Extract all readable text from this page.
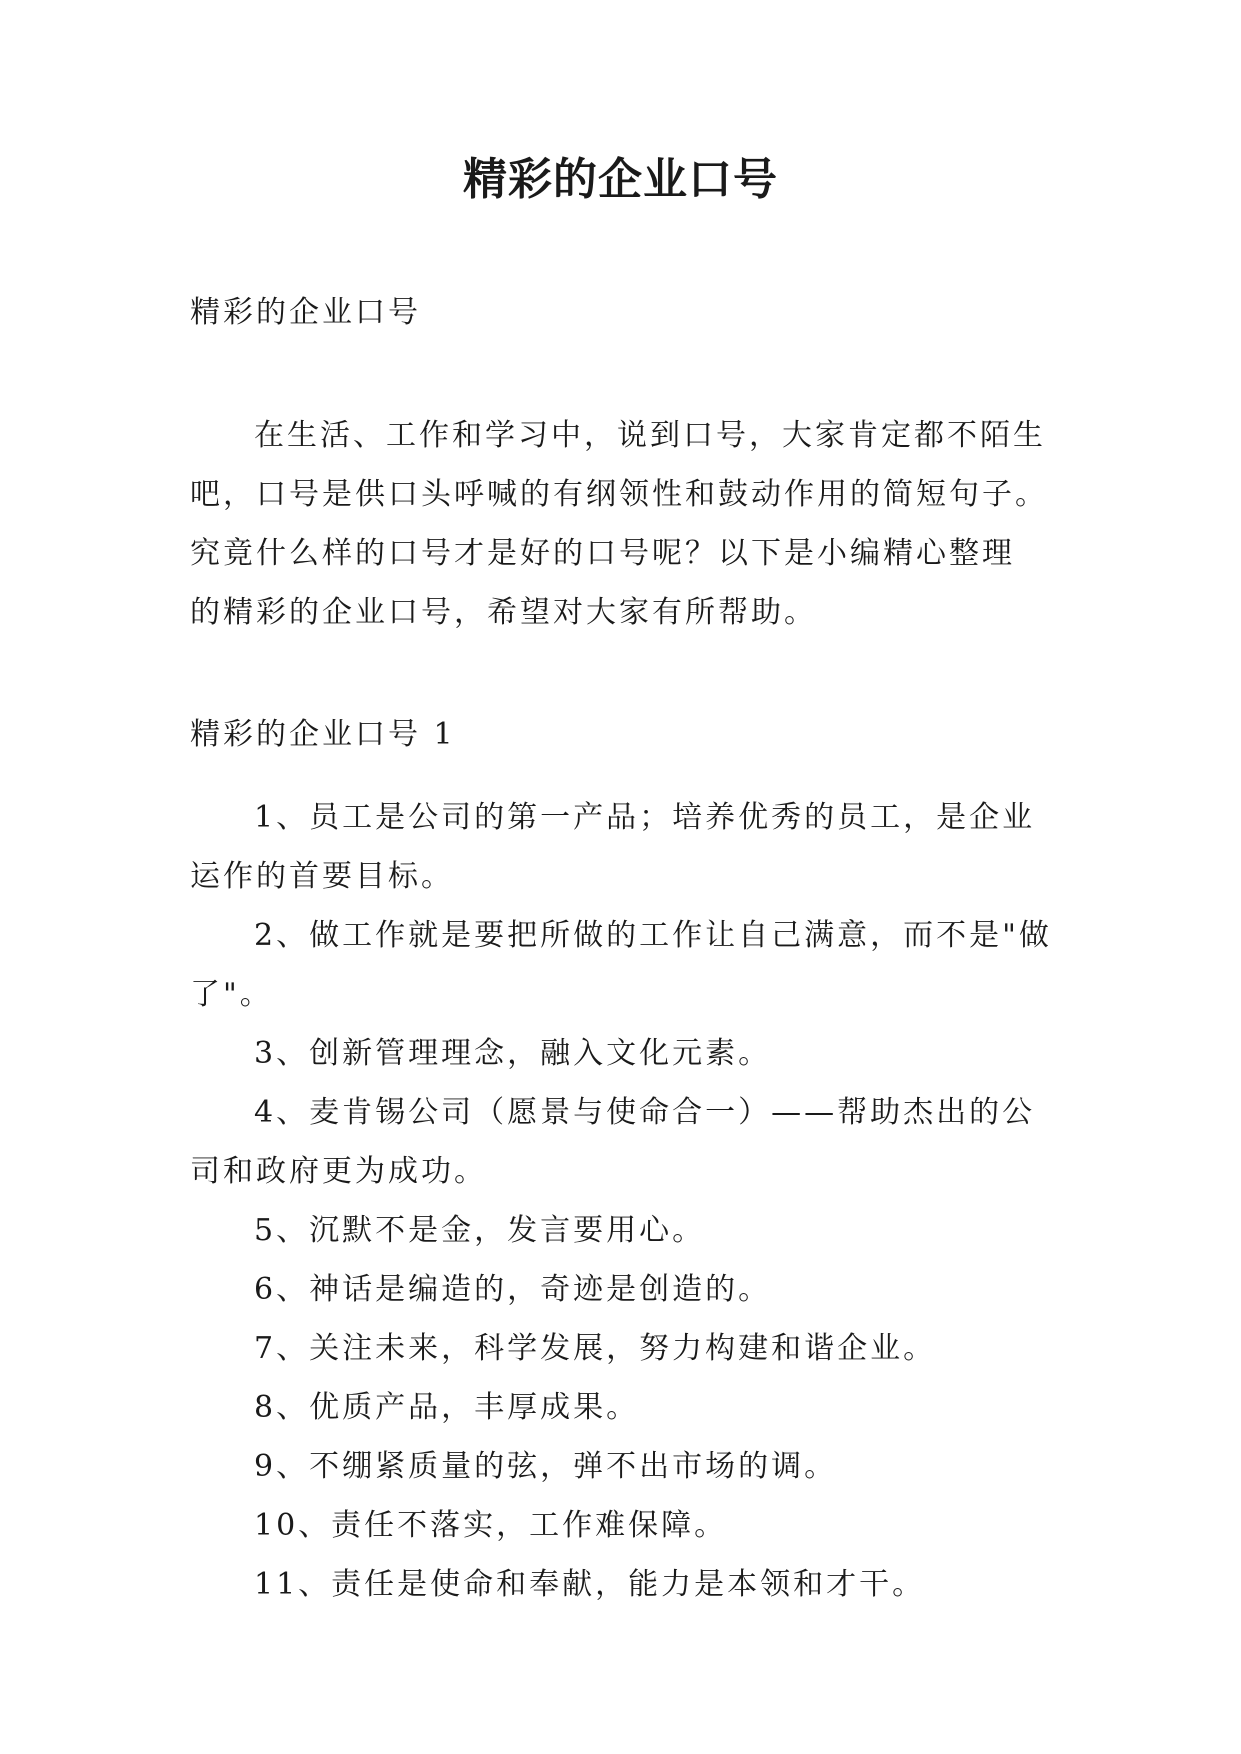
精彩的企业口号

精彩的企业口号

在生活、工作和学习中，说到口号，大家肯定都不陌生

吧，口号是供口头呼喊的有纲领性和鼓动作用的简短句子。

究竟什么样的口号才是好的口号呢？以下是小编精心整理

的精彩的企业口号，希望对大家有所帮助。

精彩的企业口号 1

1、员工是公司的第一产品；培养优秀的员工，是企业

运作的首要目标。

2、做工作就是要把所做的工作让自己满意，而不是"做

了"。

3、创新管理理念，融入文化元素。

4、麦肯锡公司（愿景与使命合一）——帮助杰出的公

司和政府更为成功。

5、沉默不是金，发言要用心。

6、神话是编造的，奇迹是创造的。

7、关注未来，科学发展，努力构建和谐企业。

8、优质产品，丰厚成果。

9、不绷紧质量的弦，弹不出市场的调。

10、责任不落实，工作难保障。

11、责任是使命和奉献，能力是本领和才干。
